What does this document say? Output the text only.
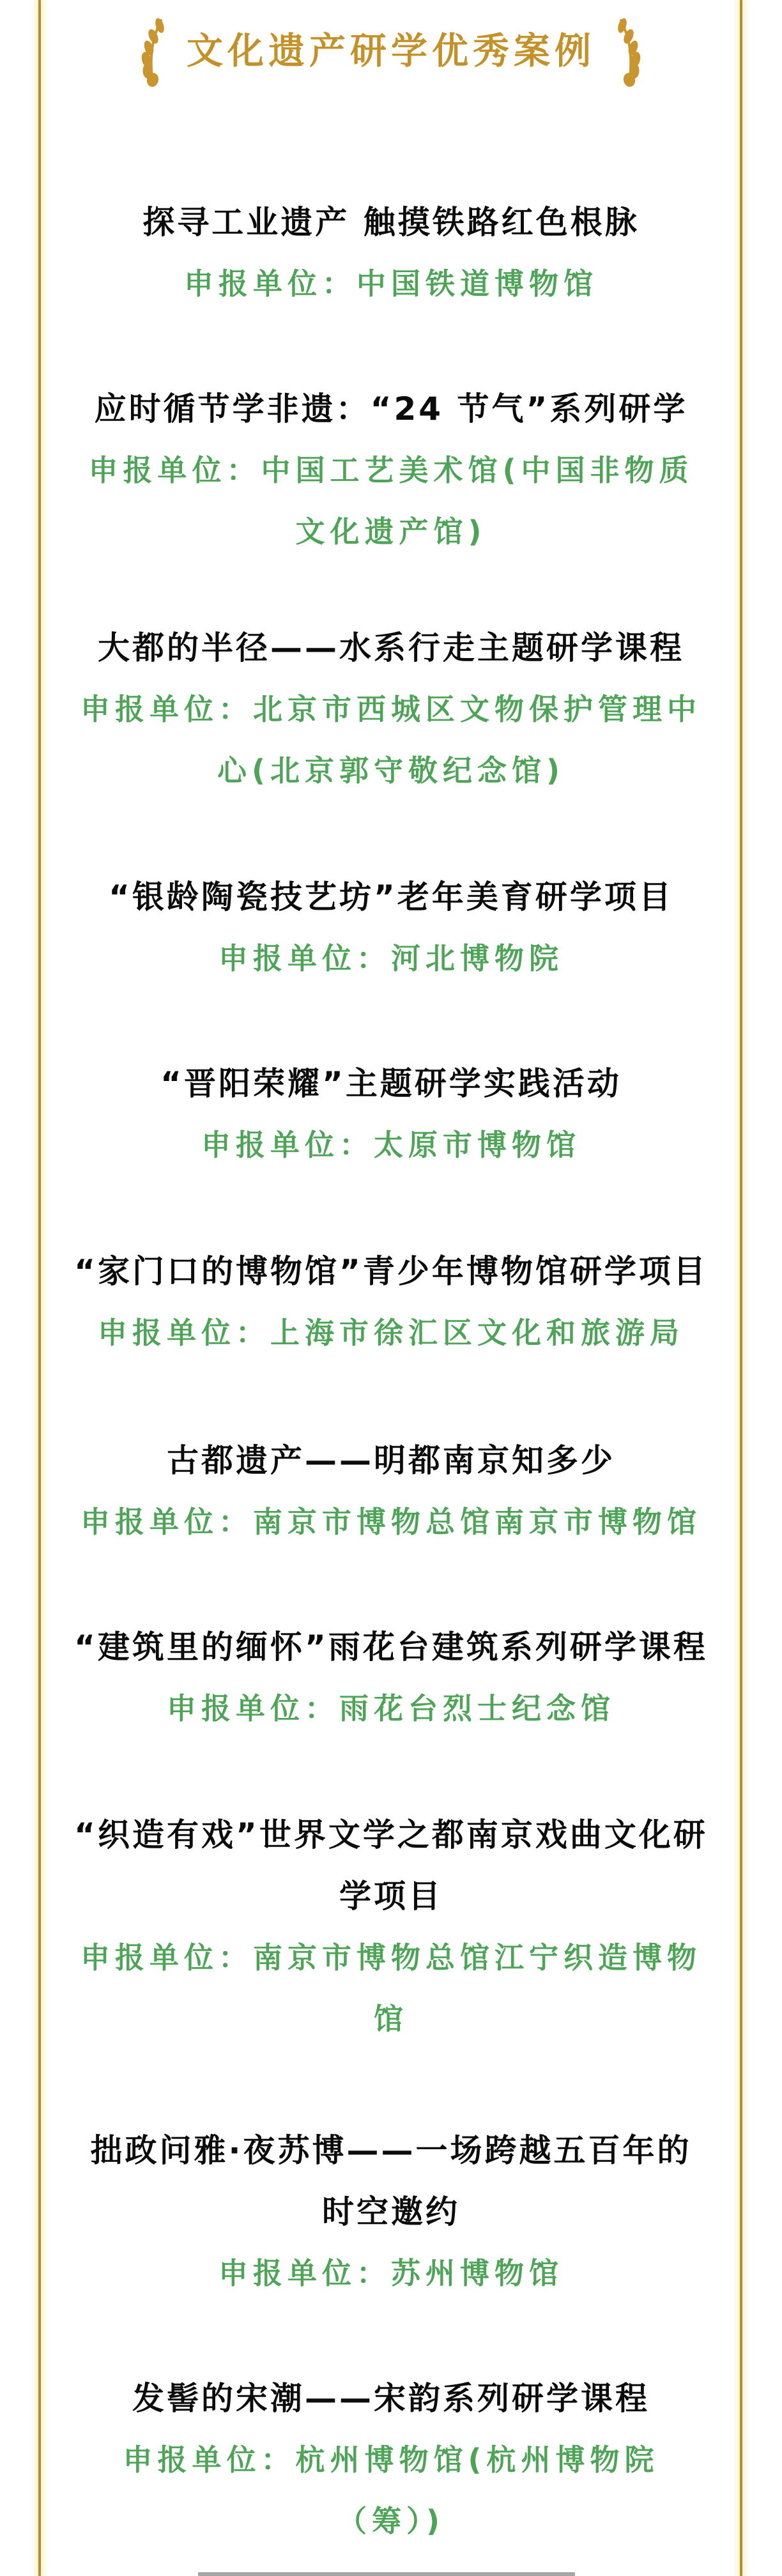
文化遗产研学优秀案例
探寻工业遗产 触摸铁路红色根脉
申报单位：中国铁道博物馆
应时循节学非遗：“24 节气”系列研学
申报单位：中国工艺美术馆(中国非物质
文化遗产馆)
大都的半径——水系行走主题研学课程
申报单位：北京市西城区文物保护管理中
心(北京郭守敬纪念馆)
“银龄陶瓷技艺坊”老年美育研学项目
申报单位：河北博物院
“晋阳荣耀”主题研学实践活动
申报单位：太原市博物馆
“家门口的博物馆”青少年博物馆研学项目
申报单位：上海市徐汇区文化和旅游局
古都遗产——明都南京知多少
申报单位：南京市博物总馆南京市博物馆
“建筑里的缅怀”雨花台建筑系列研学课程
申报单位：雨花台烈士纪念馆
“织造有戏”世界文学之都南京戏曲文化研
学项目
申报单位：南京市博物总馆江宁织造博物
馆
拙政问雅·夜苏博——一场跨越五百年的
时空邀约
申报单位：苏州博物馆
发髻的宋潮——宋韵系列研学课程
申报单位：杭州博物馆(杭州博物院
（筹）)
